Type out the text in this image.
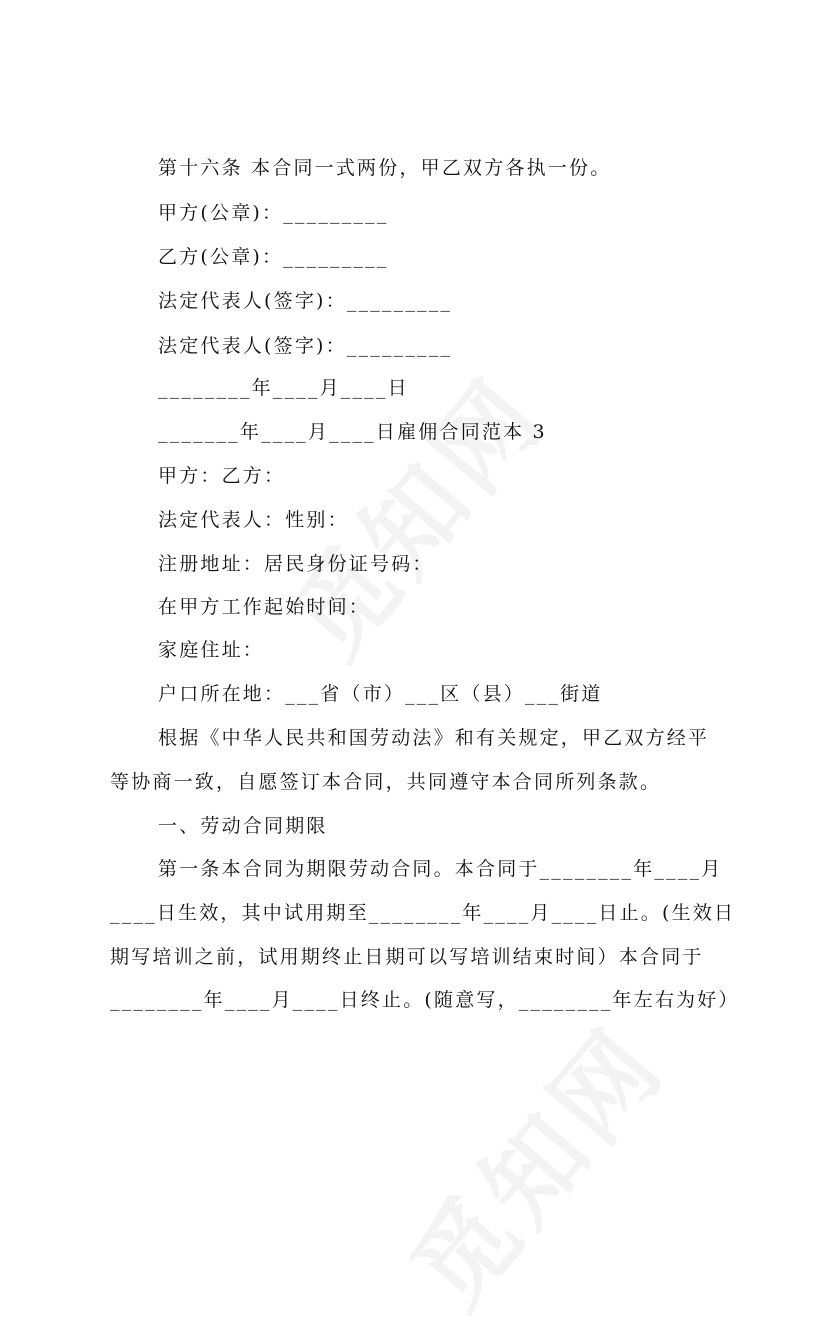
第十六条 本合同一式两份，甲乙双方各执一份。
甲方(公章)：_________
乙方(公章)：_________
法定代表人(签字)：_________
法定代表人(签字)：_________
________年____月____日
_______年____月____日雇佣合同范本 3
甲方：乙方：
法定代表人：性别：
注册地址：居民身份证号码：
在甲方工作起始时间：
家庭住址：
户口所在地：___省（市）___区（县）___街道
根据《中华人民共和国劳动法》和有关规定，甲乙双方经平
等协商一致，自愿签订本合同，共同遵守本合同所列条款。
一、劳动合同期限
第一条本合同为期限劳动合同。本合同于________年____月
____日生效，其中试用期至________年____月____日止。(生效日
期写培训之前，试用期终止日期可以写培训结束时间）本合同于
________年____月____日终止。(随意写，________年左右为好）
